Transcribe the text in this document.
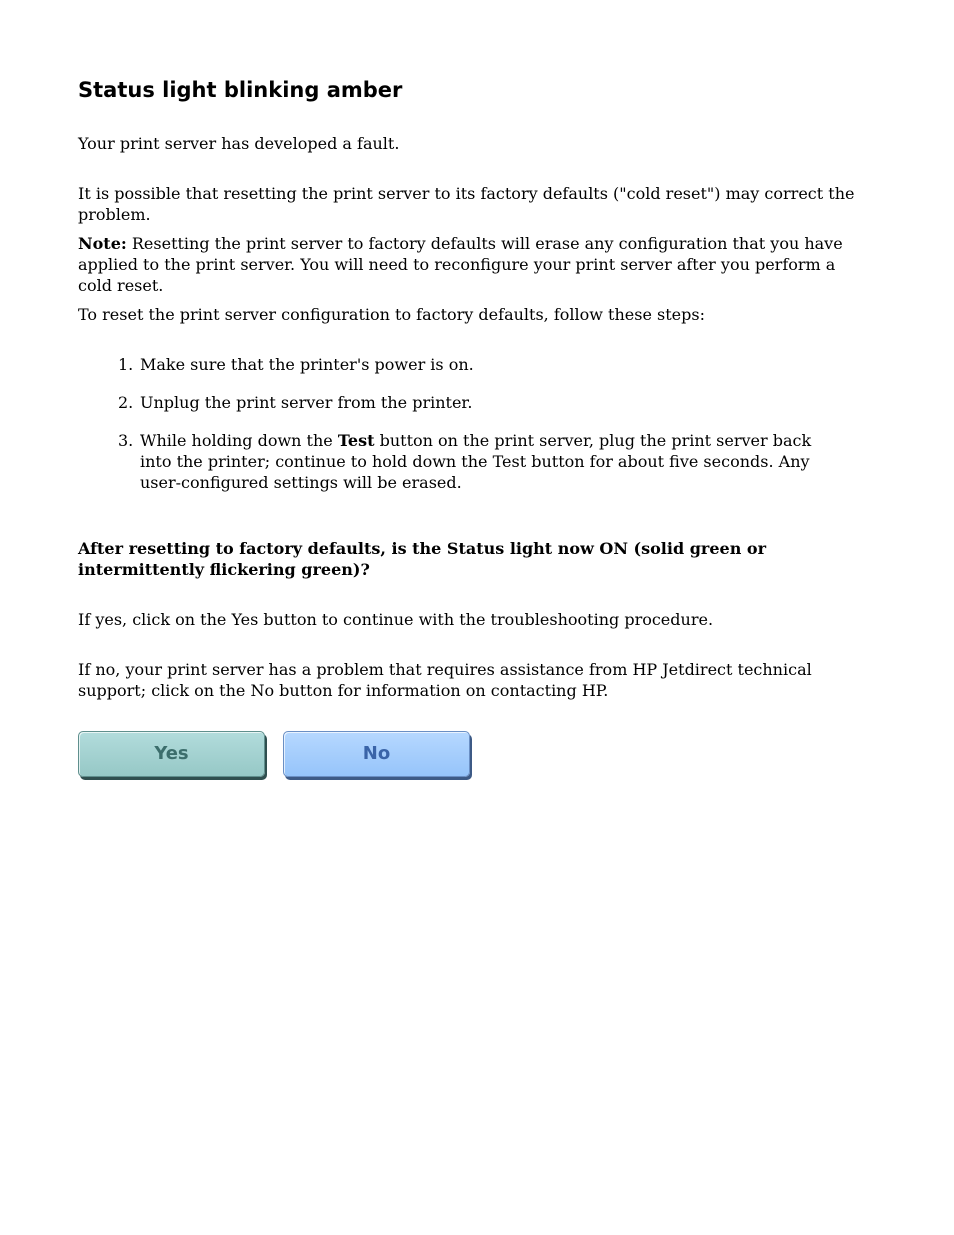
Status light blinking amber

Your print server has developed a fault.

It is possible that resetting the print server to its factory defaults ("cold reset") may correct the problem.

Note: Resetting the print server to factory defaults will erase any configuration that you have applied to the print server. You will need to reconfigure your print server after you perform a cold reset.

To reset the print server configuration to factory defaults, follow these steps:

1. Make sure that the printer's power is on.
2. Unplug the print server from the printer.
3. While holding down the Test button on the print server, plug the print server back into the printer; continue to hold down the Test button for about five seconds. Any user-configured settings will be erased.

After resetting to factory defaults, is the Status light now ON (solid green or intermittently flickering green)?

If yes, click on the Yes button to continue with the troubleshooting procedure.

If no, your print server has a problem that requires assistance from HP Jetdirect technical support; click on the No button for information on contacting HP.

Yes	No
